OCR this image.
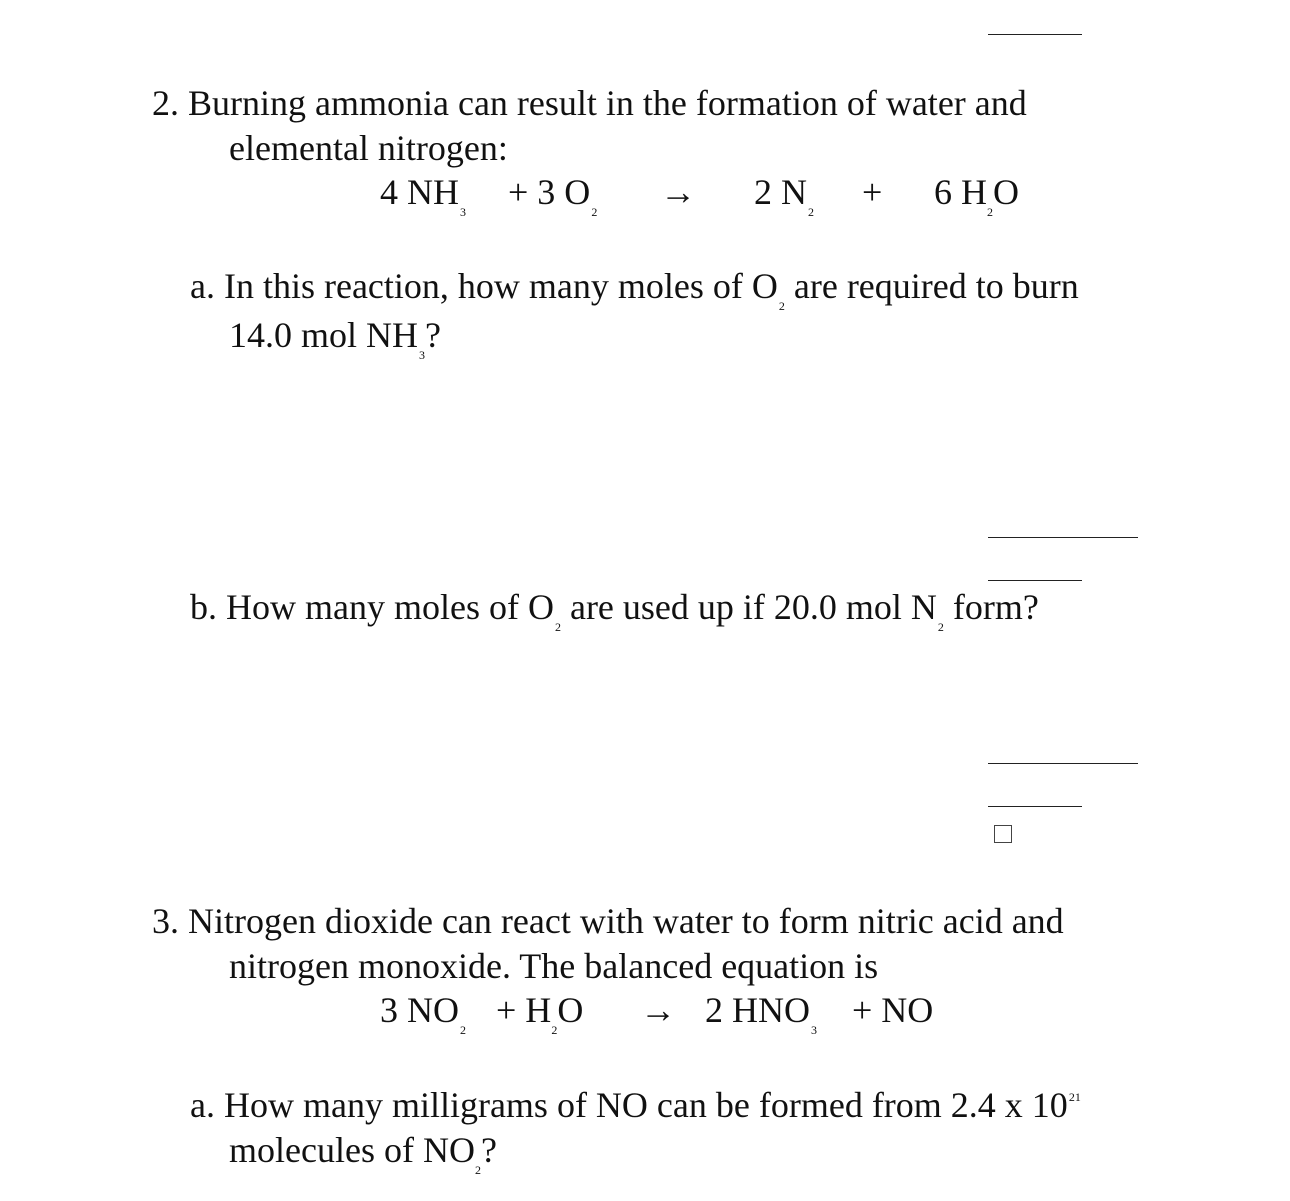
2. Burning ammonia can result in the formation of water and
elemental nitrogen:
4 $NH_3 + 3$ $O_2 \to 2$ $N_2 + 6$ $H_2O$
a. In this reaction, how many moles of $O_2$ are required to burn
14.0 mol $NH_3$?
b. How many moles of $O_2$ are used up if 20.0 mol $N_2$ form?
3. Nitrogen dioxide can react with water to form nitric acid and
nitrogen monoxide. The balanced equation is
3 $NO_2 + H_2O \to 2$ $HNO_3$ + NO
a. How many milligrams of NO can be formed from 2.4 x $10^{21}$
molecules of $NO_2$?
